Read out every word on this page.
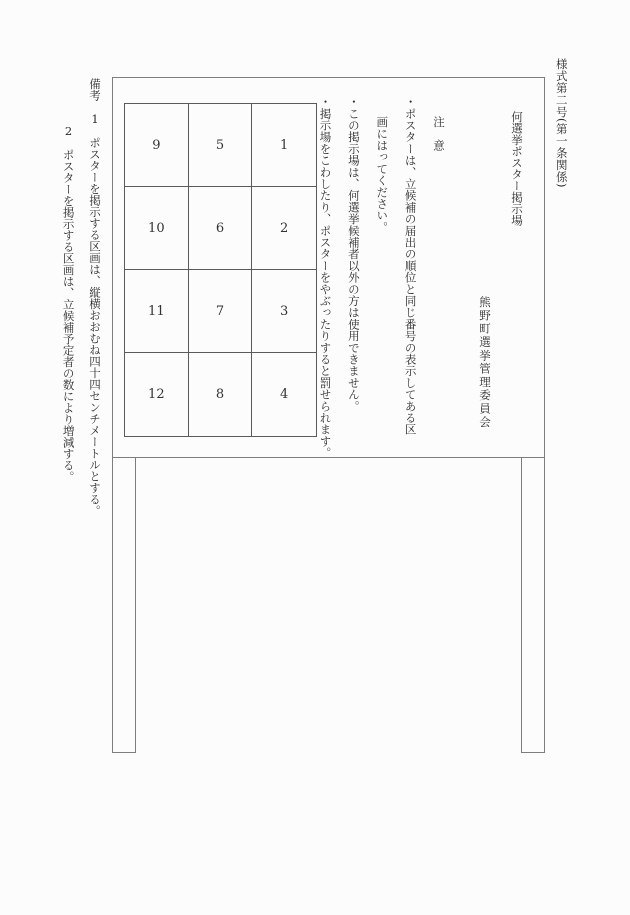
様式第二号(第一条関係)
9	5	1
10	6	2
11	7	3
12	8	4
何選挙ポスター掲示場
熊野町選挙管理委員会
注　意
・ポスターは、立候補の届出の順位と同じ番号の表示してある区
画にはってください。
・この掲示場は、何選挙候補者以外の方は使用できません。
・掲示場をこわしたり、ポスターをやぶったりすると罰せられます。
備考1ポスターを掲示する区画は、縦横おおむね四十四センチメートルとする。
2ポスターを掲示する区画は、立候補予定者の数により増減する。
